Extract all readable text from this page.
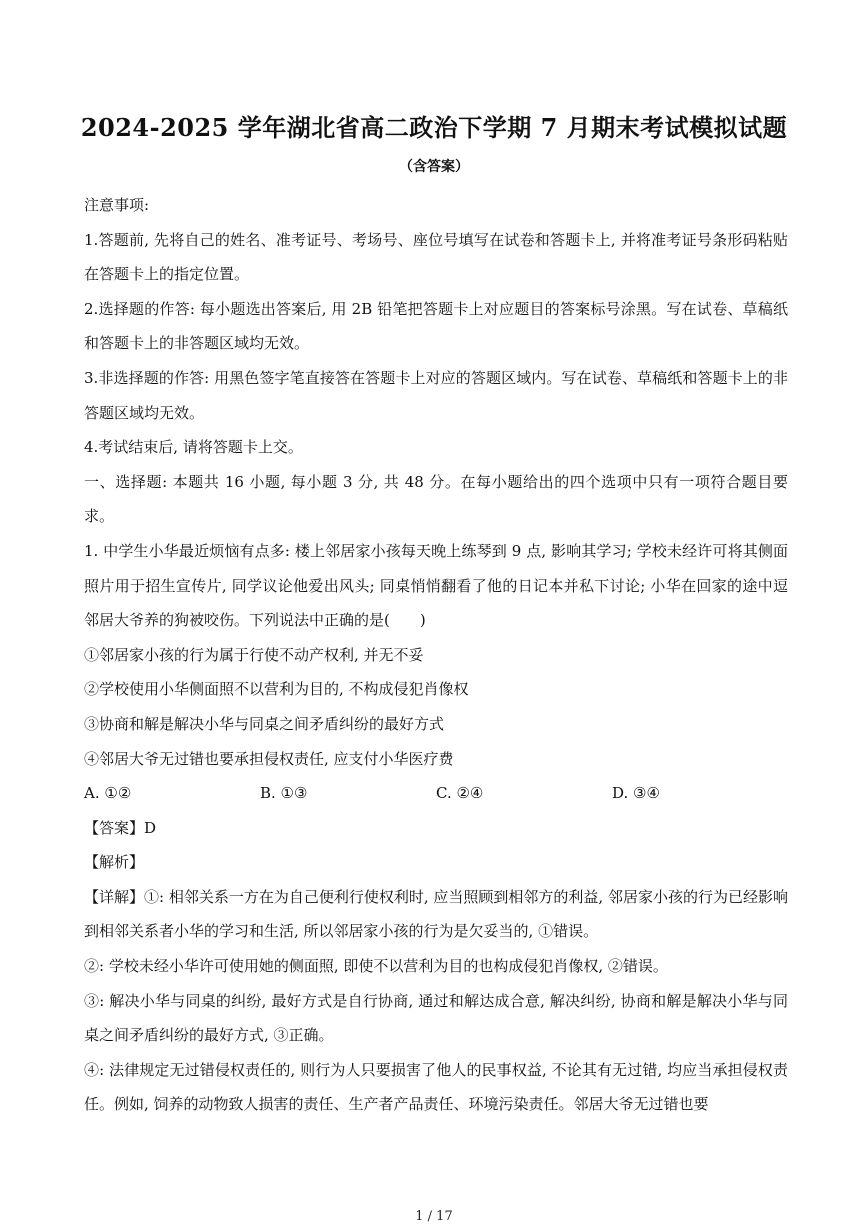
2024-2025 学年湖北省高二政治下学期 7 月期末考试模拟试题
（含答案）

注意事项:

1.答题前, 先将自己的姓名、准考证号、考场号、座位号填写在试卷和答题卡上, 并将准考证号条形码粘贴在答题卡上的指定位置。

2.选择题的作答: 每小题选出答案后, 用 2B 铅笔把答题卡上对应题目的答案标号涂黑。写在试卷、草稿纸和答题卡上的非答题区域均无效。

3.非选择题的作答: 用黑色签字笔直接答在答题卡上对应的答题区域内。写在试卷、草稿纸和答题卡上的非答题区域均无效。

4.考试结束后, 请将答题卡上交。

一、选择题: 本题共 16 小题, 每小题 3 分, 共 48 分。在每小题给出的四个选项中只有一项符合题目要求。

1. 中学生小华最近烦恼有点多: 楼上邻居家小孩每天晚上练琴到 9 点, 影响其学习; 学校未经许可将其侧面照片用于招生宣传片, 同学议论他爱出风头; 同桌悄悄翻看了他的日记本并私下讨论; 小华在回家的途中逗邻居大爷养的狗被咬伤。下列说法中正确的是(　　)

①邻居家小孩的行为属于行使不动产权利, 并无不妥

②学校使用小华侧面照不以营利为目的, 不构成侵犯肖像权

③协商和解是解决小华与同桌之间矛盾纠纷的最好方式

④邻居大爷无过错也要承担侵权责任, 应支付小华医疗费

A. ①②	B. ①③	C. ②④	D. ③④

【答案】D

【解析】

【详解】①: 相邻关系一方在为自己便利行使权利时, 应当照顾到相邻方的利益, 邻居家小孩的行为已经影响到相邻关系者小华的学习和生活, 所以邻居家小孩的行为是欠妥当的, ①错误。

②: 学校未经小华许可使用她的侧面照, 即使不以营利为目的也构成侵犯肖像权, ②错误。

③: 解决小华与同桌的纠纷, 最好方式是自行协商, 通过和解达成合意, 解决纠纷, 协商和解是解决小华与同桌之间矛盾纠纷的最好方式, ③正确。

④: 法律规定无过错侵权责任的, 则行为人只要损害了他人的民事权益, 不论其有无过错, 均应当承担侵权责任。例如, 饲养的动物致人损害的责任、生产者产品责任、环境污染责任。邻居大爷无过错也要

1 / 17
